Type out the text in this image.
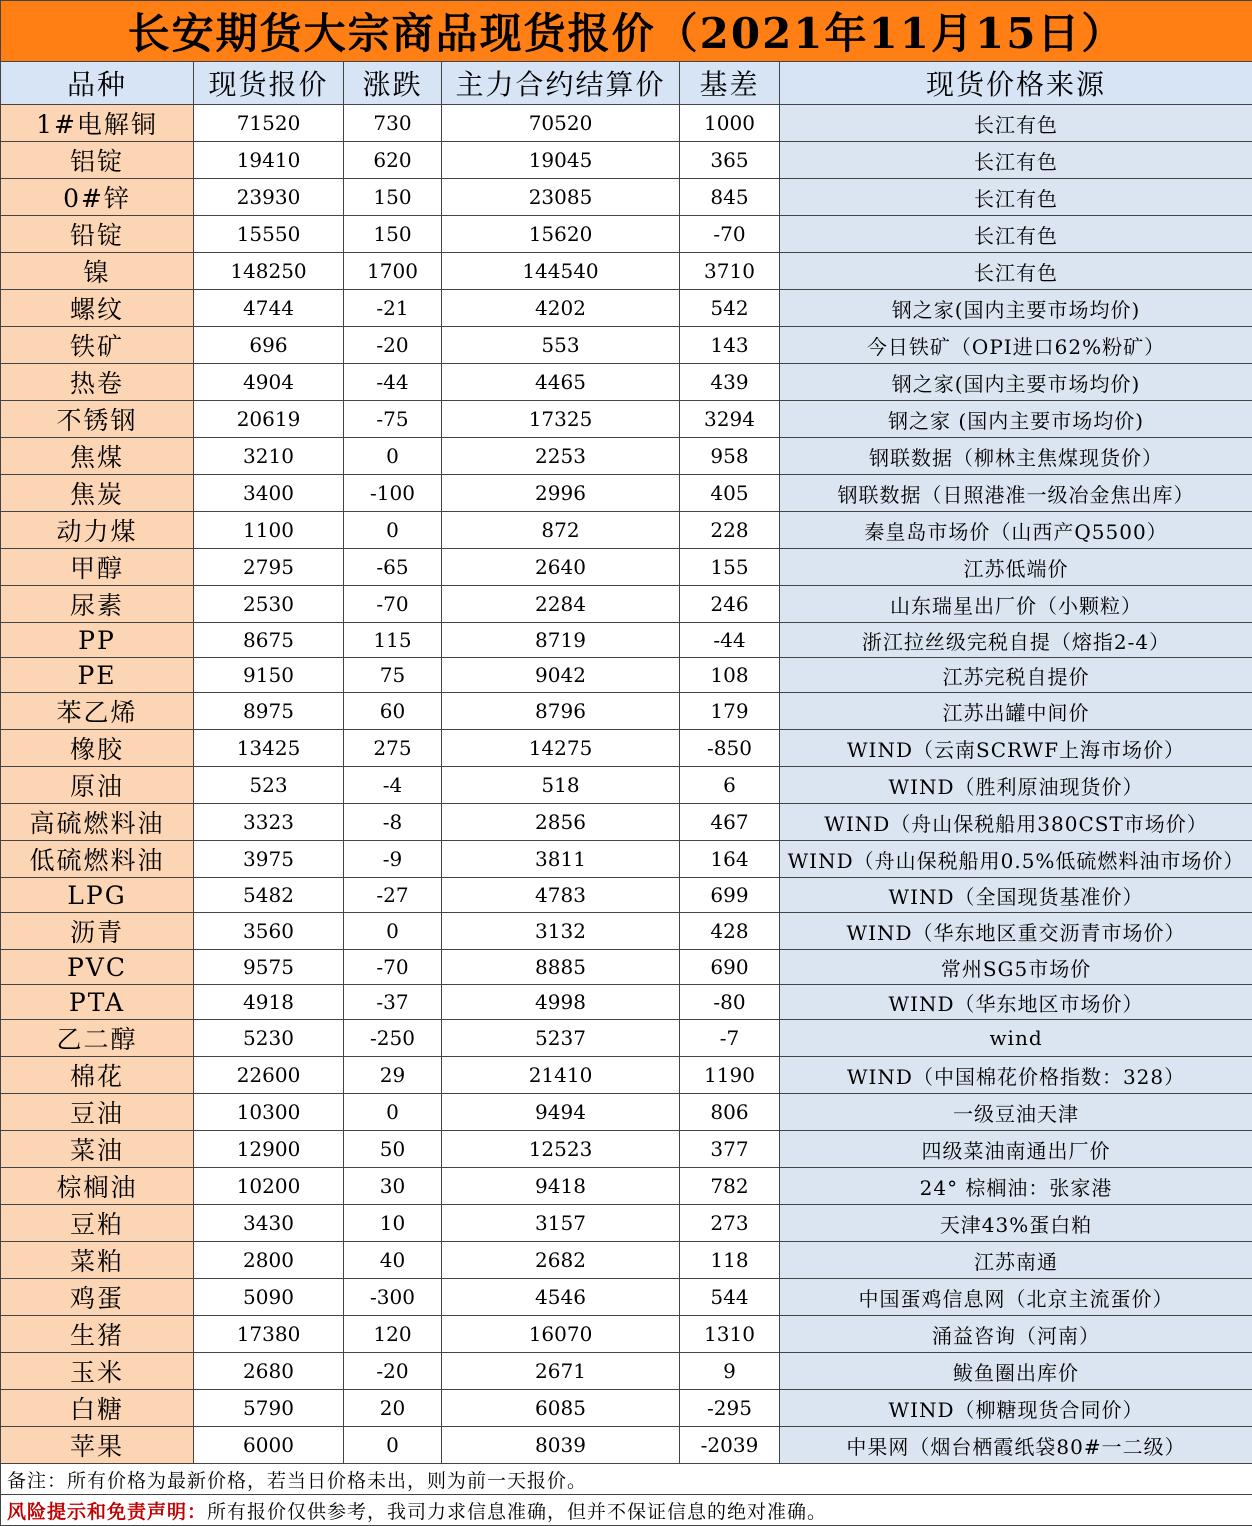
长安期货大宗商品现货报价（2021年11月15日）					
品种	现货报价	涨跌	主力合约结算价	基差	现货价格来源
1#电解铜	71520	730	70520	1000	长江有色
铝锭	19410	620	19045	365	长江有色
0#锌	23930	150	23085	845	长江有色
铅锭	15550	150	15620	-70	长江有色
镍	148250	1700	144540	3710	长江有色
螺纹	4744	-21	4202	542	钢之家(国内主要市场均价)
铁矿	696	-20	553	143	今日铁矿（OPI进口62%粉矿）
热卷	4904	-44	4465	439	钢之家(国内主要市场均价)
不锈钢	20619	-75	17325	3294	钢之家 (国内主要市场均价)
焦煤	3210	0	2253	958	钢联数据（柳林主焦煤现货价）
焦炭	3400	-100	2996	405	钢联数据（日照港准一级冶金焦出库）
动力煤	1100	0	872	228	秦皇岛市场价（山西产Q5500）
甲醇	2795	-65	2640	155	江苏低端价
尿素	2530	-70	2284	246	山东瑞星出厂价（小颗粒）
PP	8675	115	8719	-44	浙江拉丝级完税自提（熔指2-4）
PE	9150	75	9042	108	江苏完税自提价
苯乙烯	8975	60	8796	179	江苏出罐中间价
橡胶	13425	275	14275	-850	WIND（云南SCRWF上海市场价）
原油	523	-4	518	6	WIND（胜利原油现货价）
高硫燃料油	3323	-8	2856	467	WIND（舟山保税船用380CST市场价）
低硫燃料油	3975	-9	3811	164	WIND（舟山保税船用0.5%低硫燃料油市场价）
LPG	5482	-27	4783	699	WIND（全国现货基准价）
沥青	3560	0	3132	428	WIND（华东地区重交沥青市场价）
PVC	9575	-70	8885	690	常州SG5市场价
PTA	4918	-37	4998	-80	WIND（华东地区市场价）
乙二醇	5230	-250	5237	-7	wind
棉花	22600	29	21410	1190	WIND（中国棉花价格指数：328）
豆油	10300	0	9494	806	一级豆油天津
菜油	12900	50	12523	377	四级菜油南通出厂价
棕榈油	10200	30	9418	782	24° 棕榈油：张家港
豆粕	3430	10	3157	273	天津43%蛋白粕
菜粕	2800	40	2682	118	江苏南通
鸡蛋	5090	-300	4546	544	中国蛋鸡信息网（北京主流蛋价）
生猪	17380	120	16070	1310	涌益咨询（河南）
玉米	2680	-20	2671	9	鲅鱼圈出库价
白糖	5790	20	6085	-295	WIND（柳糖现货合同价）
苹果	6000	0	8039	-2039	中果网（烟台栖霞纸袋80#一二级）
备注：所有价格为最新价格，若当日价格未出，则为前一天报价。					
风险提示和免责声明：所有报价仅供参考，我司力求信息准确，但并不保证信息的绝对准确。					
